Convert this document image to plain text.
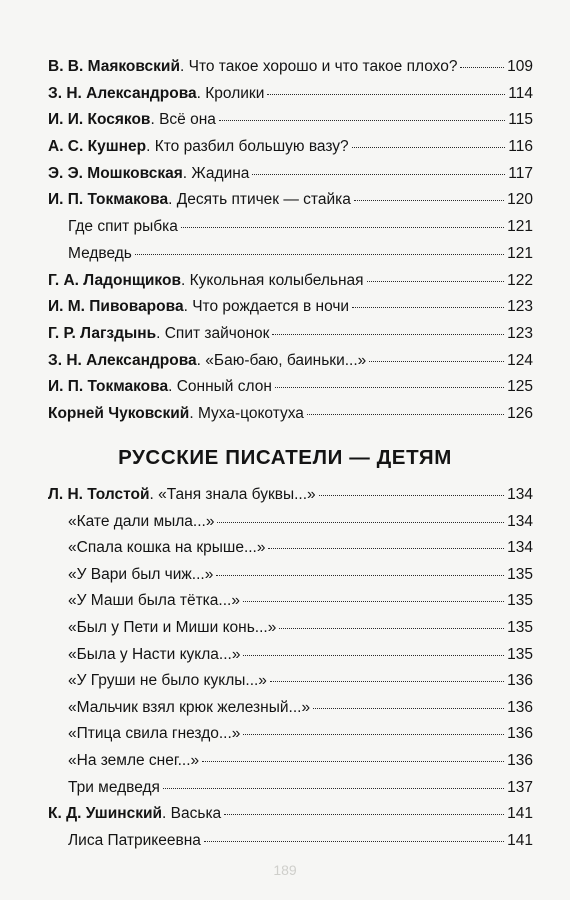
В. В. Маяковский . Что такое хорошо и что такое плохо?	109
З. Н. Александрова . Кролики	114
И. И. Косяков . Всё она	115
А. С. Кушнер . Кто разбил большую вазу?	116
Э. Э. Мошковская . Жадина	117
И. П. Токмакова . Десять птичек — стайка	120
Где спит рыбка	121
Медведь	121
Г. А. Ладонщиков . Кукольная колыбельная	122
И. М. Пивоварова . Что рождается в ночи	123
Г. Р. Лагздынь . Спит зайчонок	123
З. Н. Александрова . «Баю-баю, баиньки...»	124
И. П. Токмакова . Сонный слон	125
Корней Чуковский . Муха-цокотуха	126
РУССКИЕ ПИСАТЕЛИ — ДЕТЯМ
Л. Н. Толстой . «Таня знала буквы...»	134
«Кате дали мыла...»	134
«Спала кошка на крыше...»	134
«У Вари был чиж...»	135
«У Маши была тётка...»	135
«Был у Пети и Миши конь...»	135
«Была у Насти кукла...»	135
«У Груши не было куклы...»	136
«Мальчик взял крюк железный...»	136
«Птица свила гнездо...»	136
«На земле снег...»	136
Три медведя	137
К. Д. Ушинский . Васька	141
Лиса Патрикеевна	141
189
